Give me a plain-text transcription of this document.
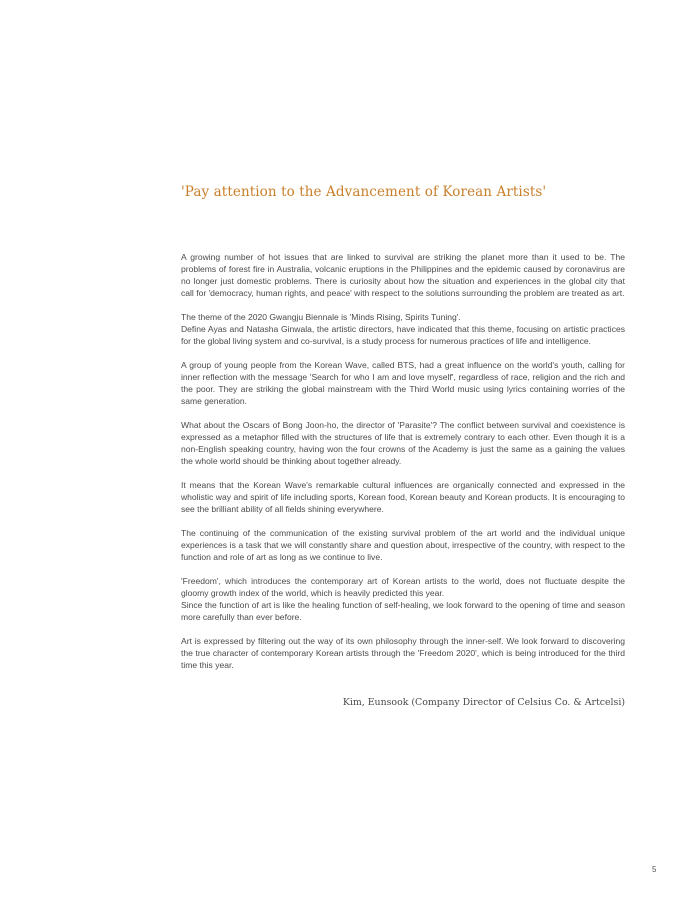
'Pay attention to the Advancement of Korean Artists'

A growing number of hot issues that are linked to survival are striking the planet more than it used to be. The problems of forest fire in Australia, volcanic eruptions in the Philippines and the epidemic caused by coronavirus are no longer just domestic problems. There is curiosity about how the situation and experiences in the global city that call for 'democracy, human rights, and peace' with respect to the solutions surrounding the problem are treated as art.

The theme of the 2020 Gwangju Biennale is 'Minds Rising, Spirits Tuning'.
Define Ayas and Natasha Ginwala, the artistic directors, have indicated that this theme, focusing on artistic practices for the global living system and co-survival, is a study process for numerous practices of life and intelligence.

A group of young people from the Korean Wave, called BTS, had a great influence on the world's youth, calling for inner reflection with the message 'Search for who I am and love myself', regardless of race, religion and the rich and the poor. They are striking the global mainstream with the Third World music using lyrics containing worries of the same generation.

What about the Oscars of Bong Joon-ho, the director of 'Parasite'? The conflict between survival and coexistence is expressed as a metaphor filled with the structures of life that is extremely contrary to each other. Even though it is a non-English speaking country, having won the four crowns of the Academy is just the same as a gaining the values the whole world should be thinking about together already.

It means that the Korean Wave's remarkable cultural influences are organically connected and expressed in the wholistic way and spirit of life including sports, Korean food, Korean beauty and Korean products. It is encouraging to see the brilliant ability of all fields shining everywhere.

The continuing of the communication of the existing survival problem of the art world and the individual unique experiences is a task that we will constantly share and question about, irrespective of the country, with respect to the function and role of art as long as we continue to live.

'Freedom', which introduces the contemporary art of Korean artists to the world, does not fluctuate despite the gloomy growth index of the world, which is heavily predicted this year.
Since the function of art is like the healing function of self-healing, we look forward to the opening of time and season more carefully than ever before.

Art is expressed by filtering out the way of its own philosophy through the inner-self. We look forward to discovering the true character of contemporary Korean artists through the 'Freedom 2020', which is being introduced for the third time this year.

Kim, Eunsook (Company Director of Celsius Co. & Artcelsi)

5
